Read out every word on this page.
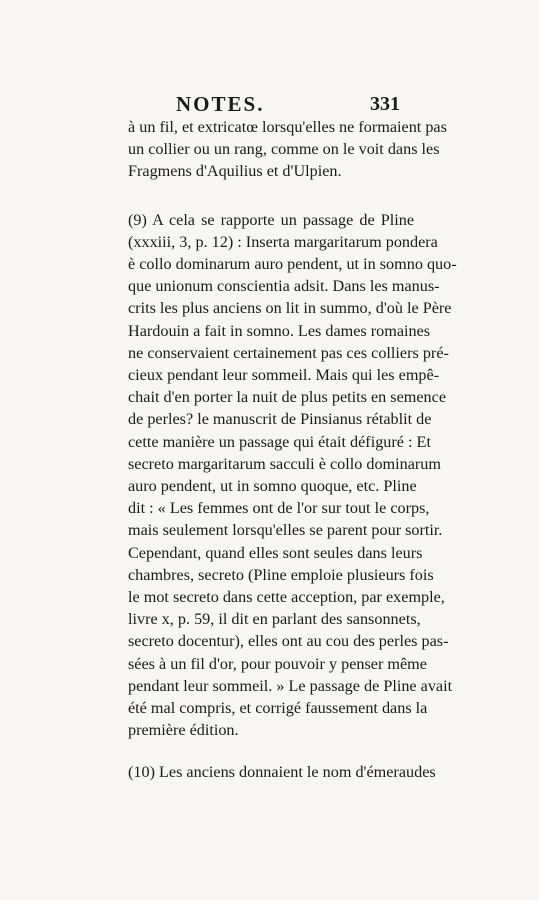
NOTES.	331
à un fil, et extricatœ lorsqu'elles ne formaient pas
un collier ou un rang, comme on le voit dans les
Fragmens d'Aquilius et d'Ulpien.
(9) A cela se rapporte un passage de Pline
(xxxiii, 3, p. 12) : Inserta margaritarum pondera
è collo dominarum auro pendent, ut in somno quo-
que unionum conscientia adsit. Dans les manus-
crits les plus anciens on lit in summo, d'où le Père
Hardouin a fait in somno. Les dames romaines
ne conservaient certainement pas ces colliers pré-
cieux pendant leur sommeil. Mais qui les empê-
chait d'en porter la nuit de plus petits en semence
de perles? le manuscrit de Pinsianus rétablit de
cette manière un passage qui était défiguré : Et
secreto margaritarum sacculi è collo dominarum
auro pendent, ut in somno quoque, etc. Pline
dit : « Les femmes ont de l'or sur tout le corps,
mais seulement lorsqu'elles se parent pour sortir.
Cependant, quand elles sont seules dans leurs
chambres, secreto (Pline emploie plusieurs fois
le mot secreto dans cette acception, par exemple,
livre x, p. 59, il dit en parlant des sansonnets,
secreto docentur), elles ont au cou des perles pas-
sées à un fil d'or, pour pouvoir y penser même
pendant leur sommeil. » Le passage de Pline avait
été mal compris, et corrigé faussement dans la
première édition.
(10) Les anciens donnaient le nom d'émeraudes
